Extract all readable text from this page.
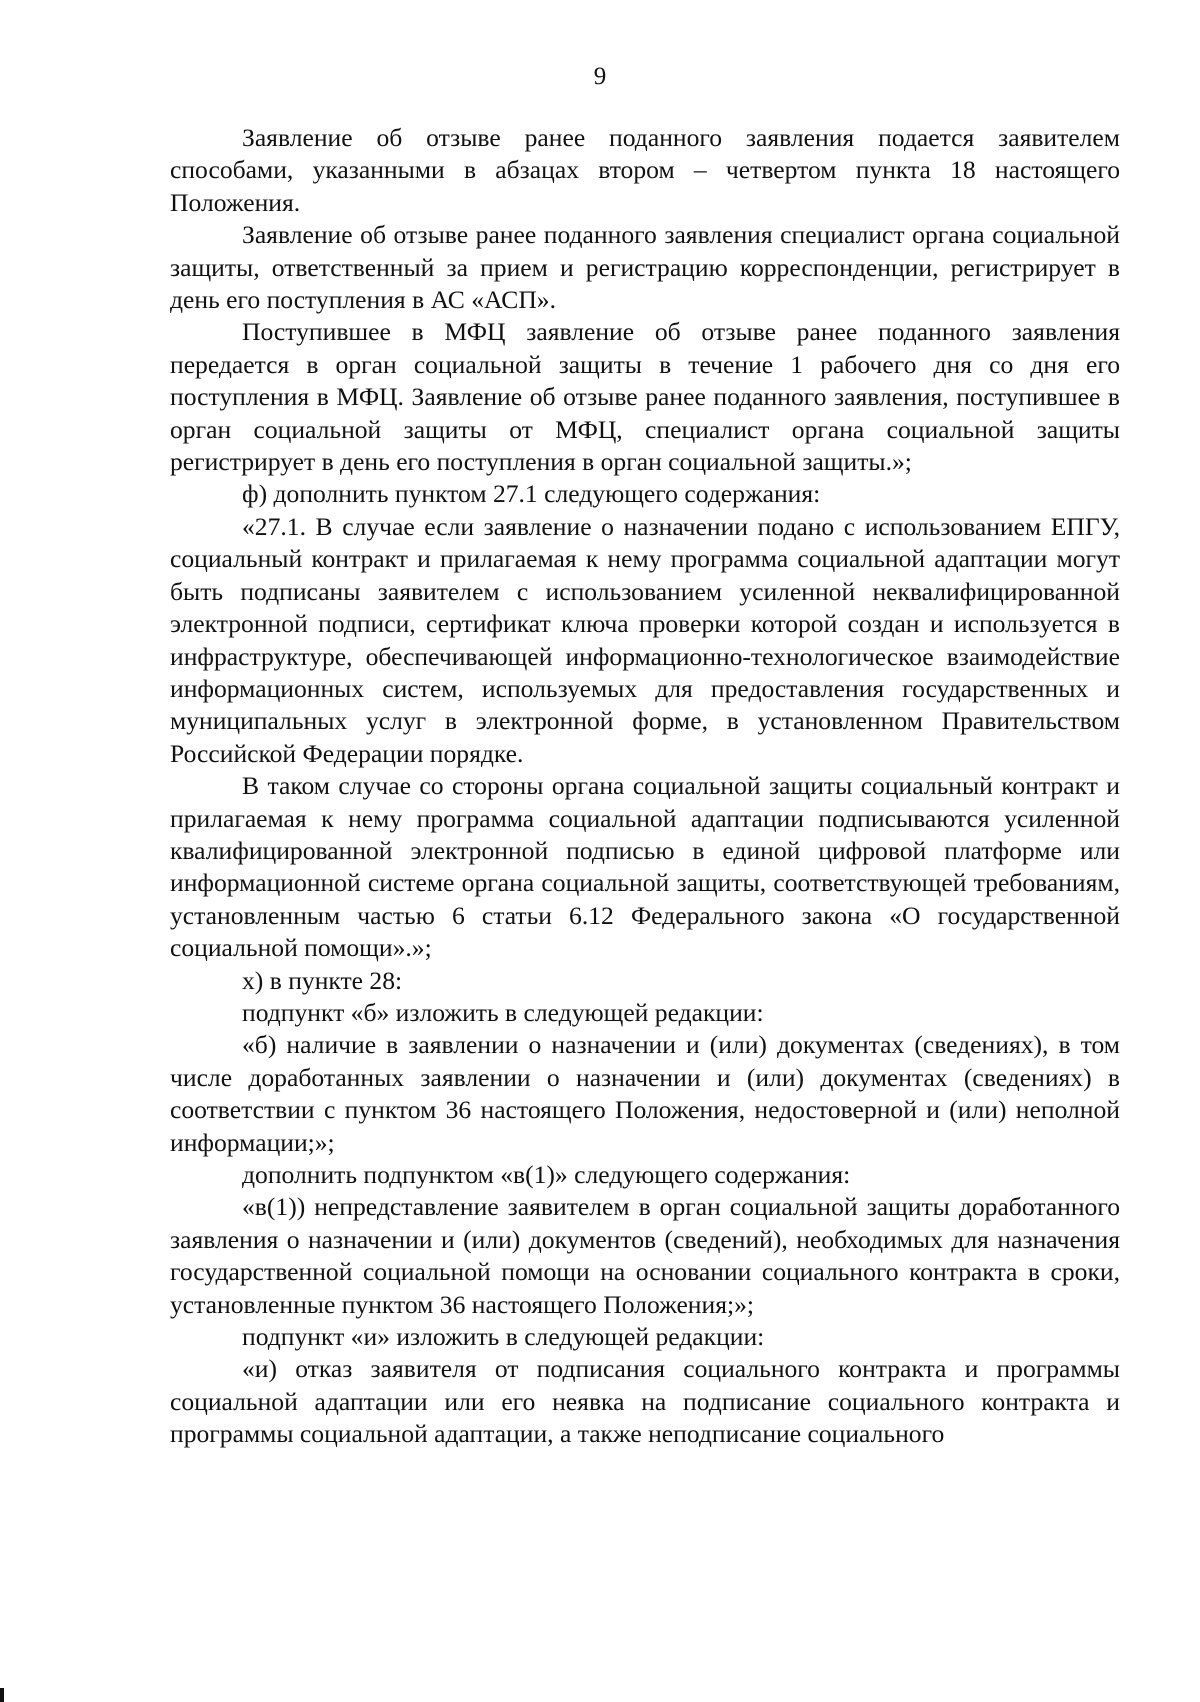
9

Заявление об отзыве ранее поданного заявления подается заявителем способами, указанными в абзацах втором – четвертом пункта 18 настоящего Положения.

Заявление об отзыве ранее поданного заявления специалист органа социальной защиты, ответственный за прием и регистрацию корреспонденции, регистрирует в день его поступления в АС «АСП».

Поступившее в МФЦ заявление об отзыве ранее поданного заявления передается в орган социальной защиты в течение 1 рабочего дня со дня его поступления в МФЦ. Заявление об отзыве ранее поданного заявления, поступившее в орган социальной защиты от МФЦ, специалист органа социальной защиты регистрирует в день его поступления в орган социальной защиты.»;

ф) дополнить пунктом 27.1 следующего содержания:

«27.1. В случае если заявление о назначении подано с использованием ЕПГУ, социальный контракт и прилагаемая к нему программа социальной адаптации могут быть подписаны заявителем с использованием усиленной неквалифицированной электронной подписи, сертификат ключа проверки которой создан и используется в инфраструктуре, обеспечивающей информационно-технологическое взаимодействие информационных систем, используемых для предоставления государственных и муниципальных услуг в электронной форме, в установленном Правительством Российской Федерации порядке.

В таком случае со стороны органа социальной защиты социальный контракт и прилагаемая к нему программа социальной адаптации подписываются усиленной квалифицированной электронной подписью в единой цифровой платформе или информационной системе органа социальной защиты, соответствующей требованиям, установленным частью 6 статьи 6.12 Федерального закона «О государственной социальной помощи».»;

х) в пункте 28:

подпункт «б» изложить в следующей редакции:

«б) наличие в заявлении о назначении и (или) документах (сведениях), в том числе доработанных заявлении о назначении и (или) документах (сведениях) в соответствии с пунктом 36 настоящего Положения, недостоверной и (или) неполной информации;»;

дополнить подпунктом «в(1)» следующего содержания:

«в(1)) непредставление заявителем в орган социальной защиты доработанного заявления о назначении и (или) документов (сведений), необходимых для назначения государственной социальной помощи на основании социального контракта в сроки, установленные пунктом 36 настоящего Положения;»;

подпункт «и» изложить в следующей редакции:

«и) отказ заявителя от подписания социального контракта и программы социальной адаптации или его неявка на подписание социального контракта и программы социальной адаптации, а также неподписание социального
